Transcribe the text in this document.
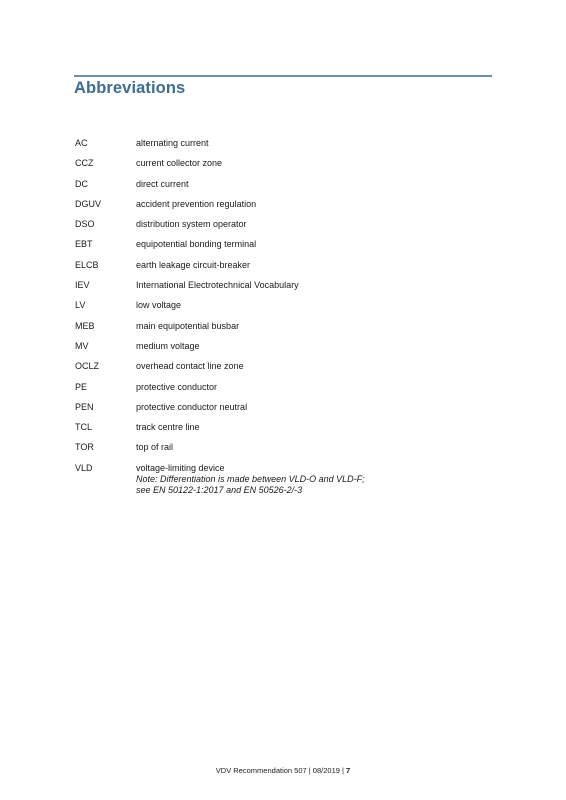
Abbreviations
AC	alternating current
CCZ	current collector zone
DC	direct current
DGUV	accident prevention regulation
DSO	distribution system operator
EBT	equipotential bonding terminal
ELCB	earth leakage circuit-breaker
IEV	International Electrotechnical Vocabulary
LV	low voltage
MEB	main equipotential busbar
MV	medium voltage
OCLZ	overhead contact line zone
PE	protective conductor
PEN	protective conductor neutral
TCL	track centre line
TOR	top of rail
VLD	voltage-limiting device
Note: Differentiation is made between VLD-O and VLD-F;
see EN 50122-1:2017 and EN 50526-2/-3
VDV Recommendation 507 | 08/2019 | 7
